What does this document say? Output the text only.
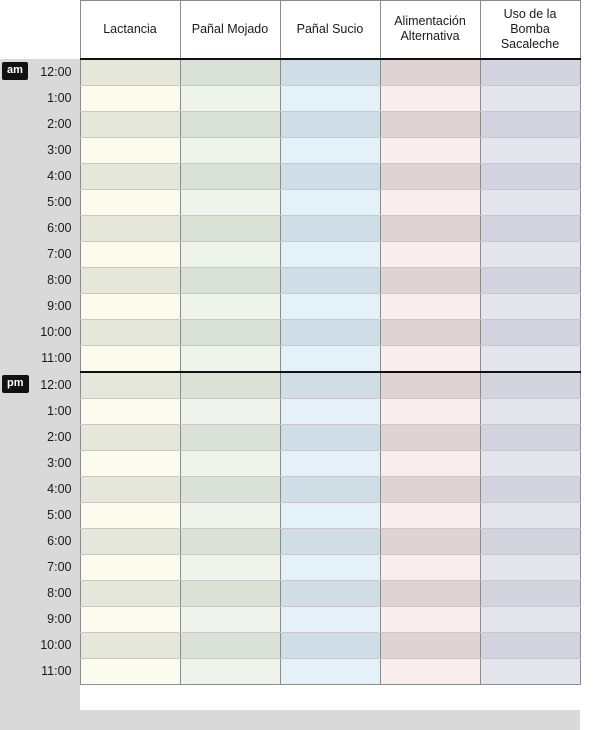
	Lactancia	Pañal Mojado	Pañal Sucio	Alimentación Alternativa	Uso de la Bomba Sacaleche

am 12:00					
1:00					
2:00					
3:00					
4:00					
5:00					
6:00					
7:00					
8:00					
9:00					
10:00					
11:00					

pm 12:00					
1:00					
2:00					
3:00					
4:00					
5:00					
6:00					
7:00					
8:00					
9:00					
10:00					
11:00					
